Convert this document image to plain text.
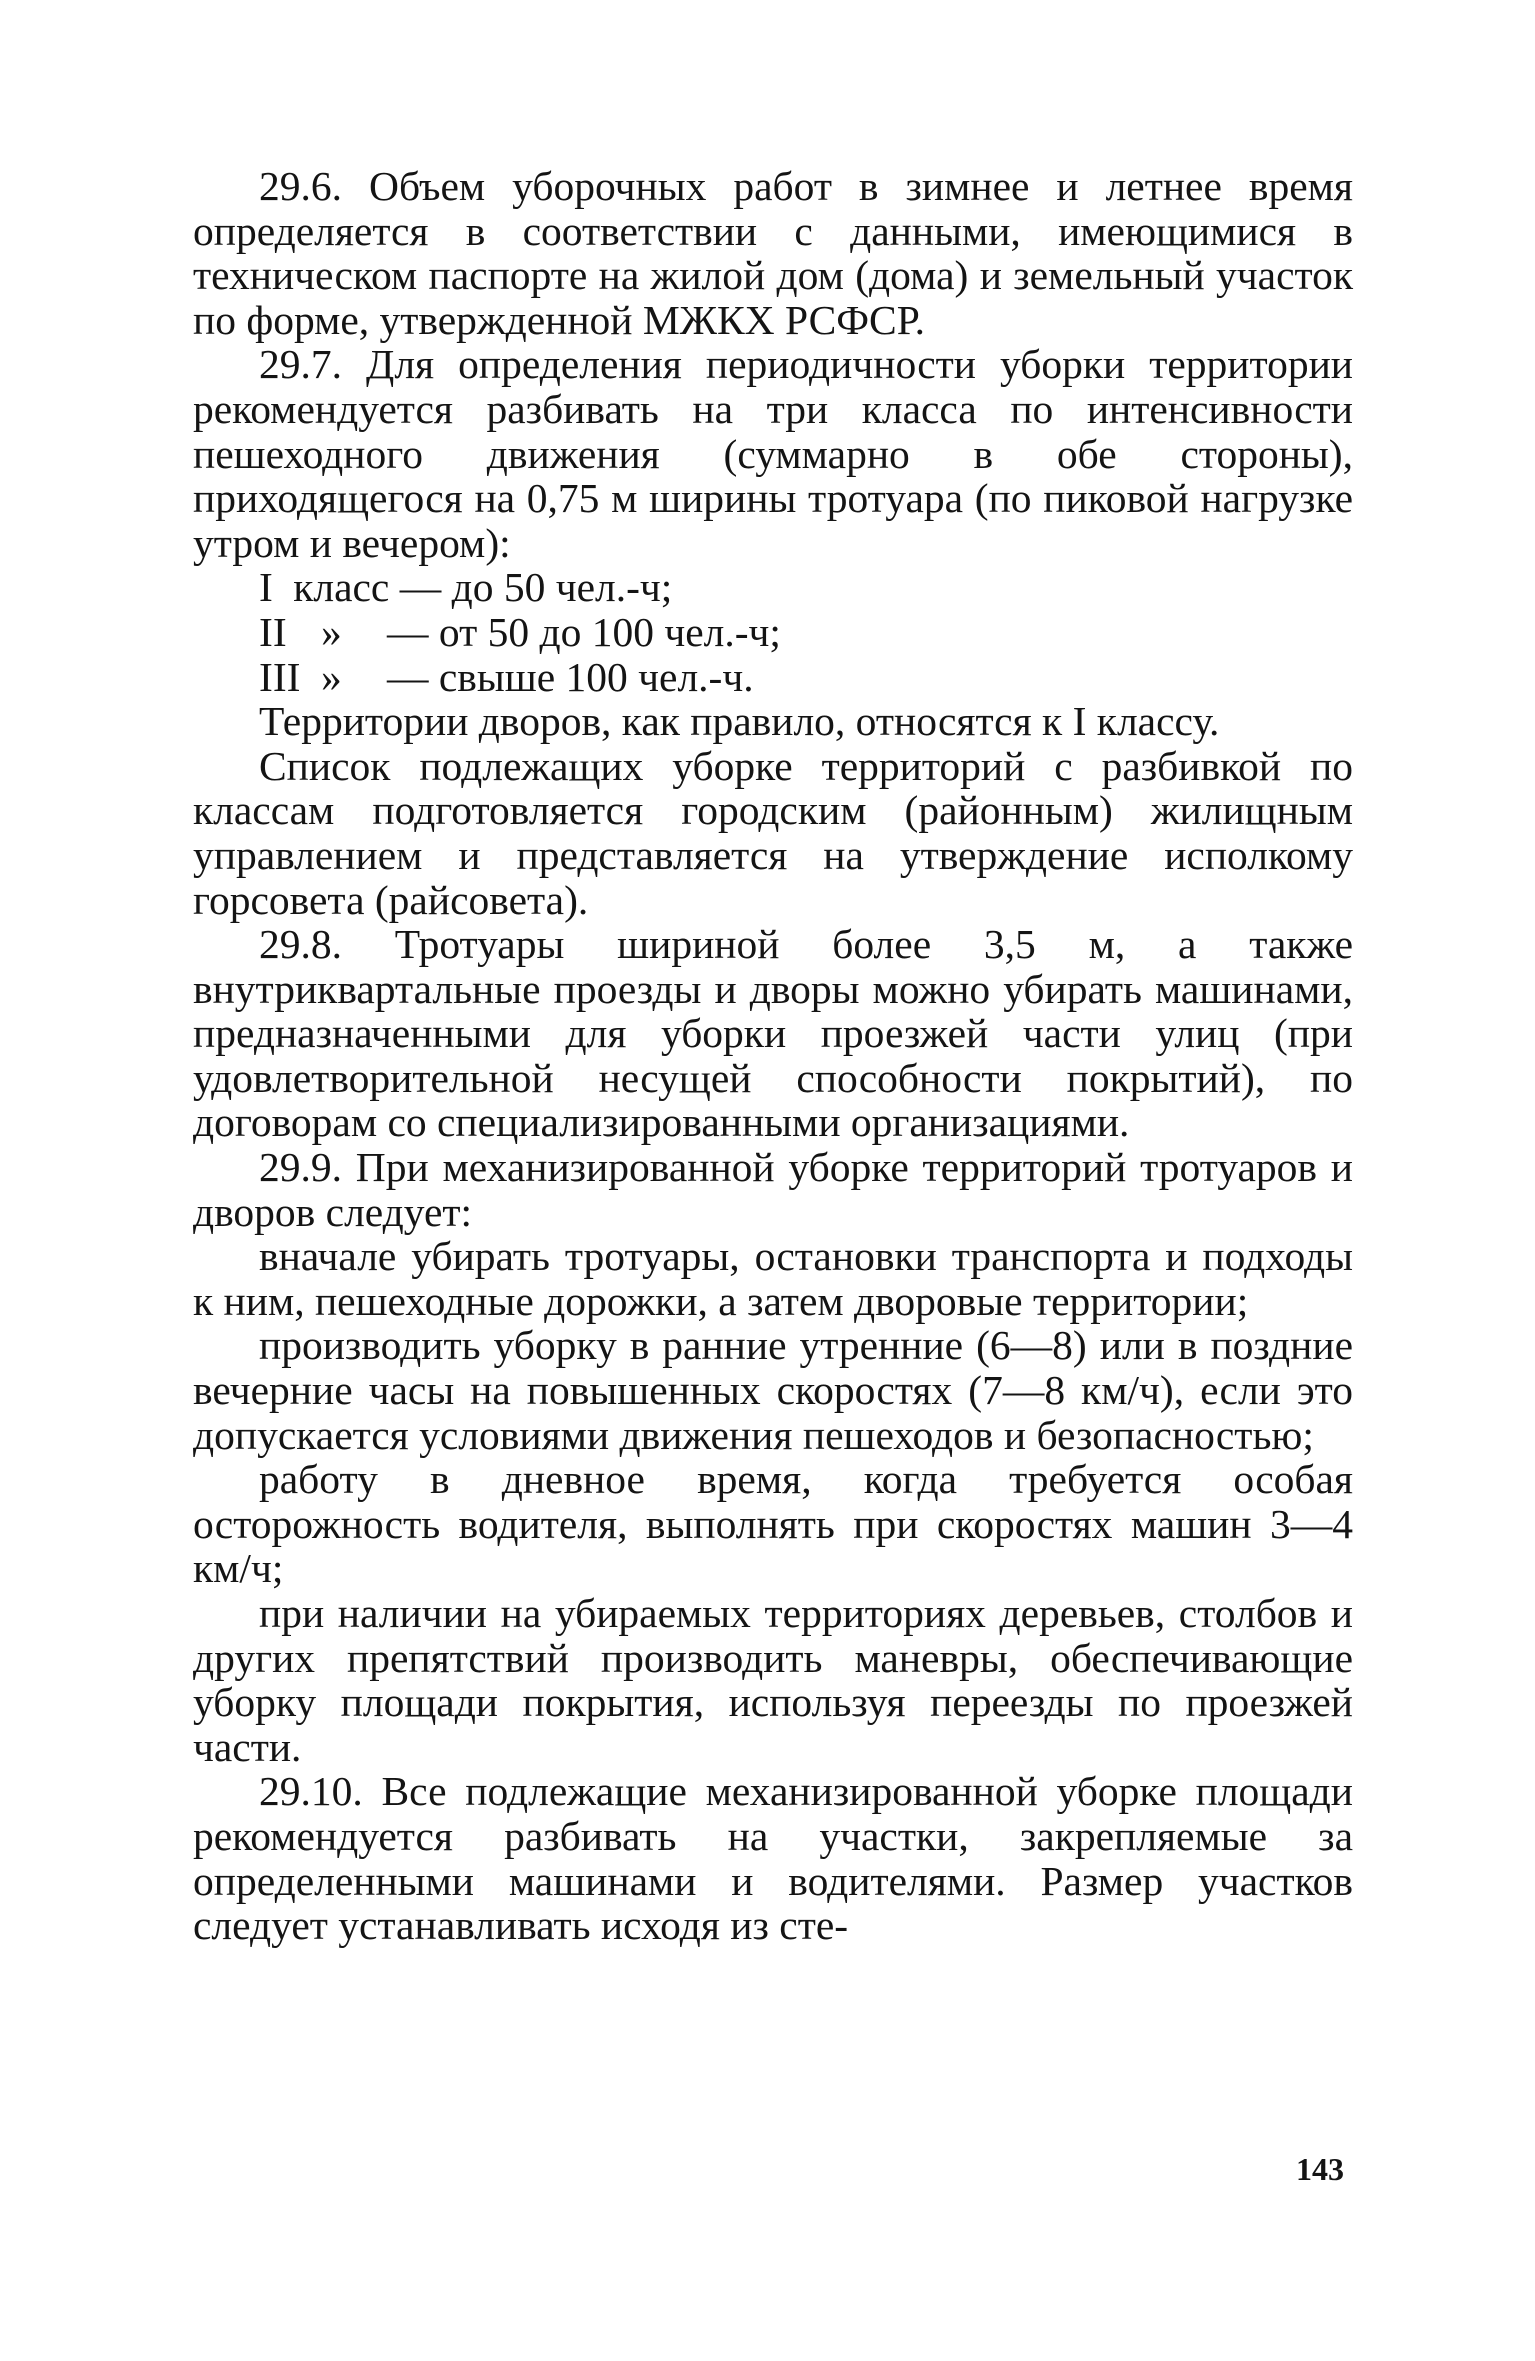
29.6. Объем уборочных работ в зимнее и летнее время определяется в соответствии с данными, имеющимися в техническом паспорте на жилой дом (дома) и земельный участок по форме, утвержденной МЖКХ РСФСР.

29.7. Для определения периодичности уборки территории рекомендуется разбивать на три класса по интенсивности пешеходного движения (суммарно в обе стороны), приходящегося на 0,75 м ширины тротуара (по пиковой нагрузке утром и вечером):

I класс — до 50 чел.-ч;
II » — от 50 до 100 чел.-ч;
III » — свыше 100 чел.-ч.

Территории дворов, как правило, относятся к I классу.

Список подлежащих уборке территорий с разбивкой по классам подготовляется городским (районным) жилищным управлением и представляется на утверждение исполкому горсовета (райсовета).

29.8. Тротуары шириной более 3,5 м, а также внутриквартальные проезды и дворы можно убирать машинами, предназначенными для уборки проезжей части улиц (при удовлетворительной несущей способности покрытий), по договорам со специализированными организациями.

29.9. При механизированной уборке территорий тротуаров и дворов следует:

вначале убирать тротуары, остановки транспорта и подходы к ним, пешеходные дорожки, а затем дворовые территории;

производить уборку в ранние утренние (6—8) или в поздние вечерние часы на повышенных скоростях (7—8 км/ч), если это допускается условиями движения пешеходов и безопасностью;

работу в дневное время, когда требуется особая осторожность водителя, выполнять при скоростях машин 3—4 км/ч;

при наличии на убираемых территориях деревьев, столбов и других препятствий производить маневры, обеспечивающие уборку площади покрытия, используя переезды по проезжей части.

29.10. Все подлежащие механизированной уборке площади рекомендуется разбивать на участки, закрепляемые за определенными машинами и водителями. Размер участков следует устанавливать исходя из сте-

143
